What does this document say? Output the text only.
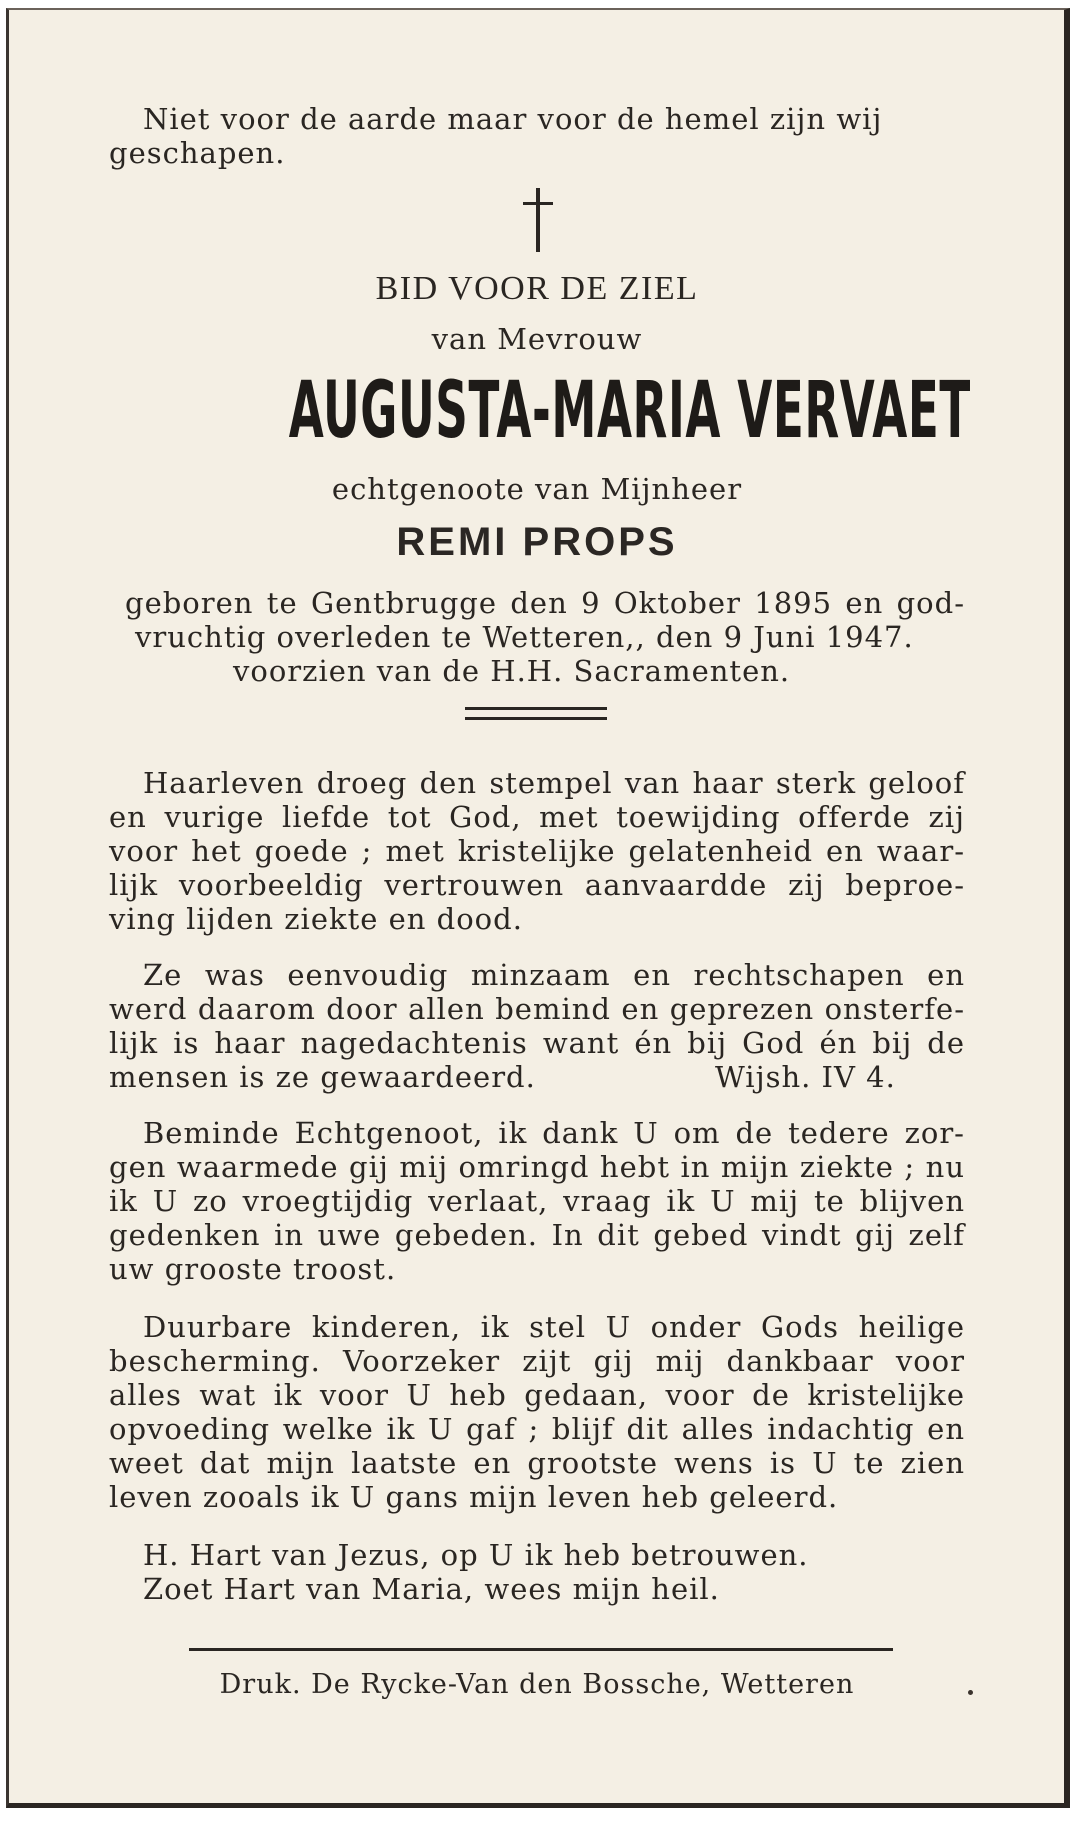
Niet voor de aarde maar voor de hemel zijn wij
geschapen.
BID VOOR DE ZIEL
van Mevrouw
AUGUSTA-MARIA VERVAET
echtgenoote van Mijnheer
REMI PROPS
geboren te Gentbrugge den 9 Oktober 1895 en god-
vruchtig overleden te Wetteren,, den 9 Juni 1947.
voorzien van de H.H. Sacramenten.
Haarleven droeg den stempel van haar sterk geloof
en vurige liefde tot God, met toewijding offerde zij
voor het goede ; met kristelijke gelatenheid en waar-
lijk voorbeeldig vertrouwen aanvaardde zij beproe-
ving lijden ziekte en dood.
Ze was eenvoudig minzaam en rechtschapen en
werd daarom door allen bemind en geprezen onsterfe-
lijk is haar nagedachtenis want én bij God én bij de
mensen is ze gewaardeerd.	Wijsh. IV 4.
Beminde Echtgenoot, ik dank U om de tedere zor-
gen waarmede gij mij omringd hebt in mijn ziekte ; nu
ik U zo vroegtijdig verlaat, vraag ik U mij te blijven
gedenken in uwe gebeden. In dit gebed vindt gij zelf
uw grooste troost.
Duurbare kinderen, ik stel U onder Gods heilige
bescherming. Voorzeker zijt gij mij dankbaar voor
alles wat ik voor U heb gedaan, voor de kristelijke
opvoeding welke ik U gaf ; blijf dit alles indachtig en
weet dat mijn laatste en grootste wens is U te zien
leven zooals ik U gans mijn leven heb geleerd.
H. Hart van Jezus, op U ik heb betrouwen.
Zoet Hart van Maria, wees mijn heil.
Druk. De Rycke-Van den Bossche, Wetteren
